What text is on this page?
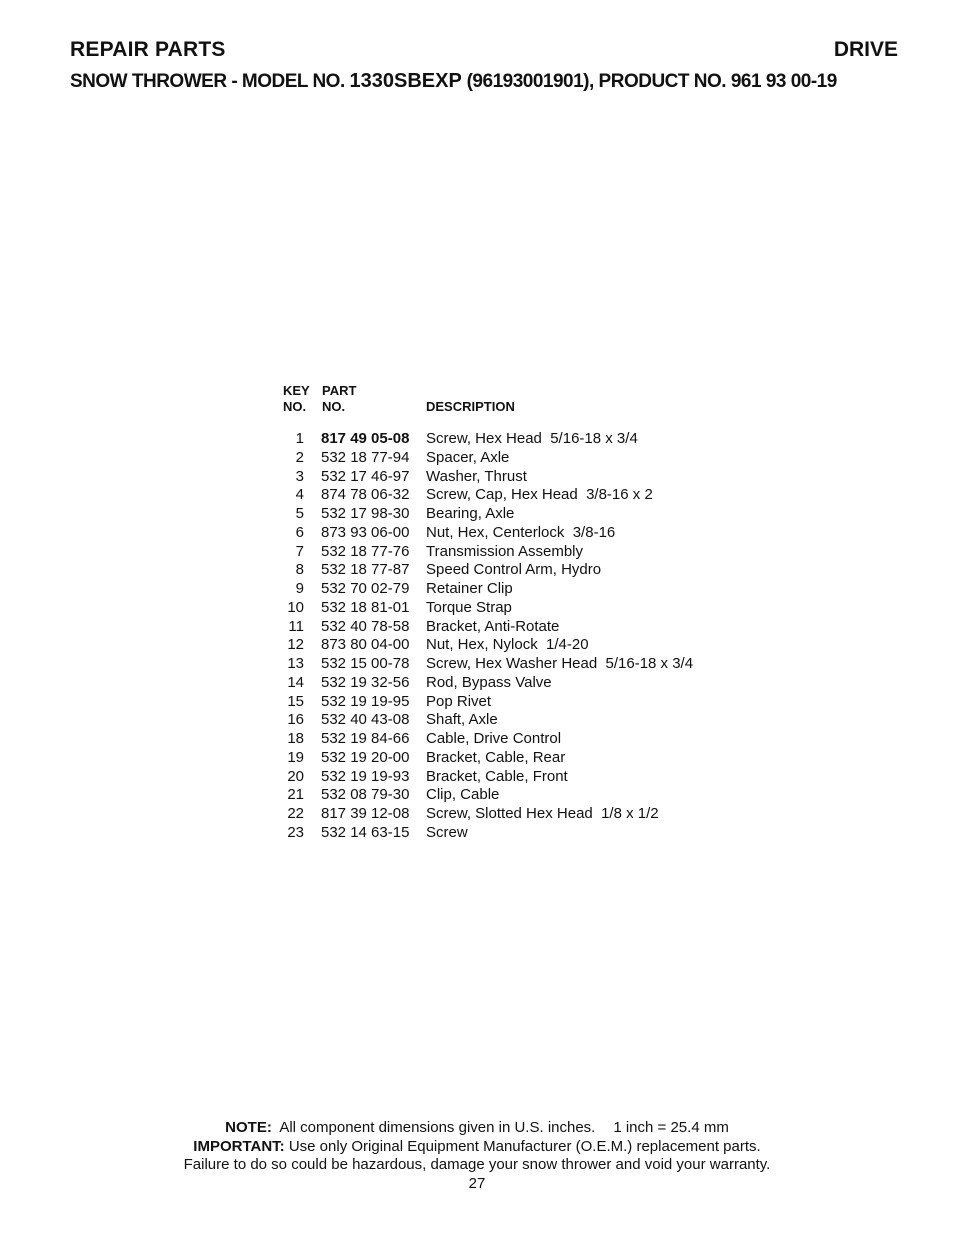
REPAIR PARTS	DRIVE

SNOW THROWER - MODEL NO. 1330SBEXP (96193001901), PRODUCT NO. 961 93 00-19

KEY
NO.
PART
NO.	DESCRIPTION
1 817 49 05-08 Screw, Hex Head  5/16-18 x 3/4
2 532 18 77-94 Spacer, Axle
3 532 17 46-97 Washer, Thrust
4 874 78 06-32 Screw, Cap, Hex Head  3/8-16 x 2
5 532 17 98-30 Bearing, Axle
6 873 93 06-00 Nut, Hex, Centerlock  3/8-16
7 532 18 77-76 Transmission Assembly
8 532 18 77-87 Speed Control Arm, Hydro
9 532 70 02-79 Retainer Clip
10 532 18 81-01 Torque Strap
11 532 40 78-58 Bracket, Anti-Rotate
12 873 80 04-00 Nut, Hex, Nylock  1/4-20
13 532 15 00-78 Screw, Hex Washer Head  5/16-18 x 3/4
14 532 19 32-56 Rod, Bypass Valve
15 532 19 19-95 Pop Rivet
16 532 40 43-08 Shaft, Axle
18 532 19 84-66 Cable, Drive Control
19 532 19 20-00 Bracket, Cable, Rear
20 532 19 19-93 Bracket, Cable, Front
21 532 08 79-30 Clip, Cable
22 817 39 12-08 Screw, Slotted Hex Head  1/8 x 1/2
23 532 14 63-15 Screw

NOTE: All component dimensions given in U.S. inches. 1 inch = 25.4 mm

IMPORTANT: Use only Original Equipment Manufacturer (O.E.M.) replacement parts.

Failure to do so could be hazardous, damage your snow thrower and void your warranty.

27
